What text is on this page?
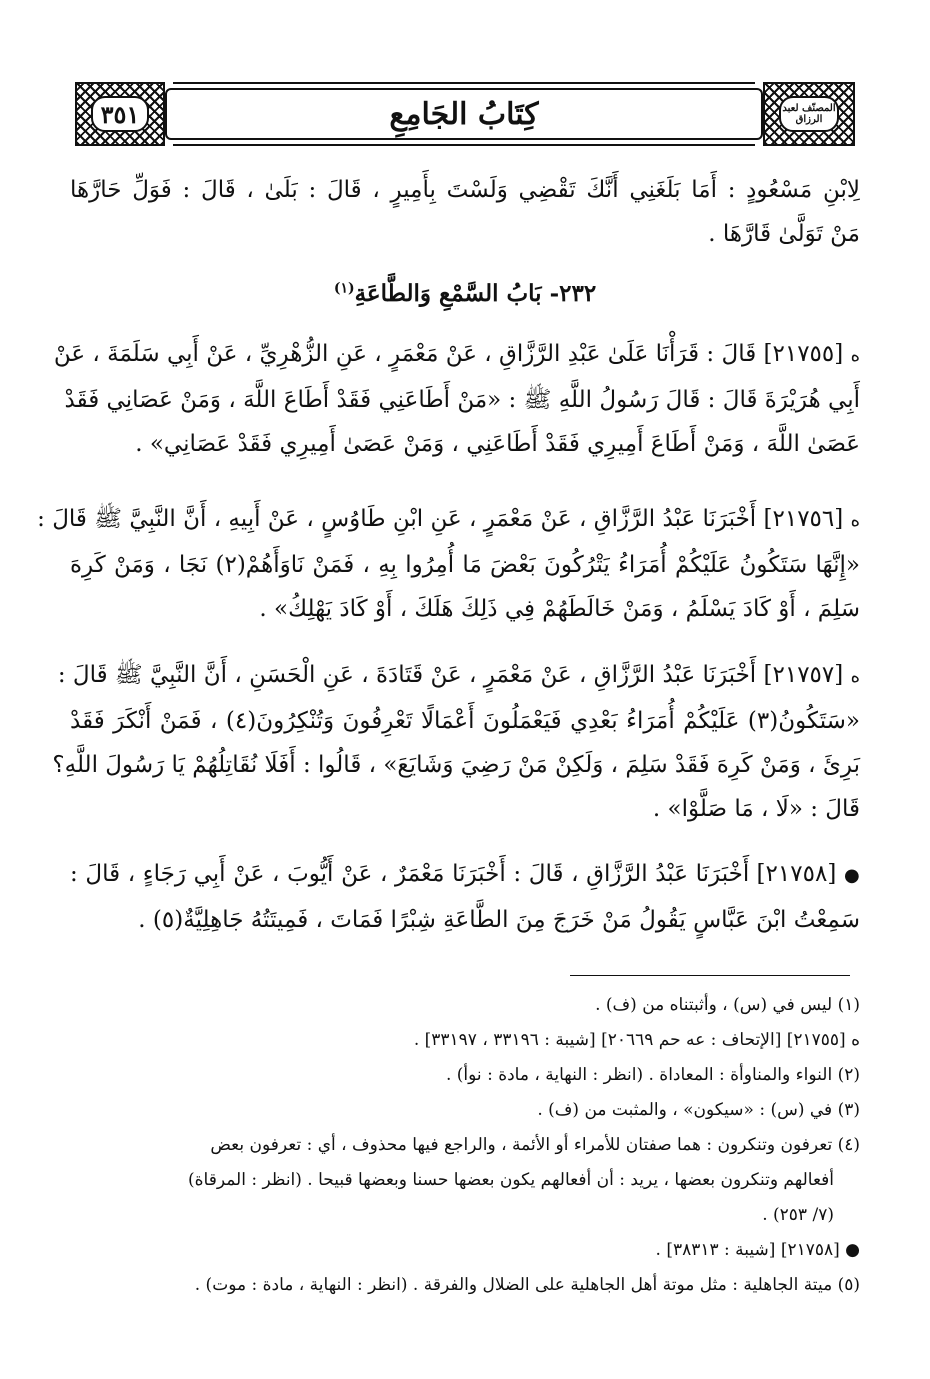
المصنّف لعبد الرزاق
كِتَابُ الجَامِعِ
٣٥١
لِابْنِ مَسْعُودٍ : أَمَا بَلَغَنِي أَنَّكَ تَقْضِي وَلَسْتَ بِأَمِيرٍ ، قَالَ : بَلَىٰ ، قَالَ : فَوَلِّ حَارَّهَا
مَنْ تَوَلَّىٰ قَارَّهَا .
٢٣٢- بَابُ السَّمْعِ وَالطَّاعَةِ$^{(١)}$
ه [٢١٧٥٥] قَالَ : قَرَأْنَا عَلَىٰ عَبْدِ الرَّزَّاقِ ، عَنْ مَعْمَرٍ ، عَنِ الزُّهْرِيِّ ، عَنْ أَبِي سَلَمَةَ ، عَنْ
أَبِي هُرَيْرَةَ قَالَ : قَالَ رَسُولُ اللَّهِ ﷺ : «مَنْ أَطَاعَنِي فَقَدْ أَطَاعَ اللَّهَ ، وَمَنْ عَصَانِي فَقَدْ
عَصَىٰ اللَّهَ ، وَمَنْ أَطَاعَ أَمِيرِي فَقَدْ أَطَاعَنِي ، وَمَنْ عَصَىٰ أَمِيرِي فَقَدْ عَصَانِي» .
ه [٢١٧٥٦] أَخْبَرَنَا عَبْدُ الرَّزَّاقِ ، عَنْ مَعْمَرٍ ، عَنِ ابْنِ طَاوُسٍ ، عَنْ أَبِيهِ ، أَنَّ النَّبِيَّ ﷺ قَالَ :
«إِنَّهَا سَتَكُونُ عَلَيْكُمْ أُمَرَاءُ يَتْرُكُونَ بَعْضَ مَا أُمِرُوا بِهِ ، فَمَنْ نَاوَأَهُمْ(٢) نَجَا ، وَمَنْ كَرِهَ
سَلِمَ ، أَوْ كَادَ يَسْلَمُ ، وَمَنْ خَالَطَهُمْ فِي ذَلِكَ هَلَكَ ، أَوْ كَادَ يَهْلِكُ» .
ه [٢١٧٥٧] أَخْبَرَنَا عَبْدُ الرَّزَّاقِ ، عَنْ مَعْمَرٍ ، عَنْ قَتَادَةَ ، عَنِ الْحَسَنِ ، أَنَّ النَّبِيَّ ﷺ قَالَ :
«سَتَكُونُ(٣) عَلَيْكُمْ أُمَرَاءُ بَعْدِي فَيَعْمَلُونَ أَعْمَالًا تَعْرِفُونَ وَتُنْكِرُونَ(٤) ، فَمَنْ أَنْكَرَ فَقَدْ
بَرِئَ ، وَمَنْ كَرِهَ فَقَدْ سَلِمَ ، وَلَكِنْ مَنْ رَضِيَ وَشَايَعَ» ، قَالُوا : أَفَلَا نُقَاتِلُهُمْ يَا رَسُولَ اللَّهِ؟
قَالَ : «لَا ، مَا صَلَّوْا» .
● [٢١٧٥٨] أَخْبَرَنَا عَبْدُ الرَّزَّاقِ ، قَالَ : أَخْبَرَنَا مَعْمَرٌ ، عَنْ أَيُّوبَ ، عَنْ أَبِي رَجَاءٍ ، قَالَ :
سَمِعْتُ ابْنَ عَبَّاسٍ يَقُولُ مَنْ خَرَجَ مِنَ الطَّاعَةِ شِبْرًا فَمَاتَ ، فَمِيتَتُهُ جَاهِلِيَّةٌ(٥) .
(١) ليس في (س) ، وأثبتناه من (ف) .
ه [٢١٧٥٥] [الإتحاف : عه حم ٢٠٦٦٩] [شيبة : ٣٣١٩٦ ، ٣٣١٩٧] .
(٢) النواء والمناوأة : المعاداة . (انظر : النهاية ، مادة : نوأ) .
(٣) في (س) : «سيكون» ، والمثبت من (ف) .
(٤) تعرفون وتنكرون : هما صفتان للأمراء أو الأئمة ، والراجع فيها محذوف ، أي : تعرفون بعض
أفعالهم وتنكرون بعضها ، يريد : أن أفعالهم يكون بعضها حسنا وبعضها قبيحا . (انظر : المرقاة)
(٧/ ٢٥٣) .
● [٢١٧٥٨] [شيبة : ٣٨٣١٣] .
(٥) ميتة الجاهلية : مثل موتة أهل الجاهلية على الضلال والفرقة . (انظر : النهاية ، مادة : موت) .
